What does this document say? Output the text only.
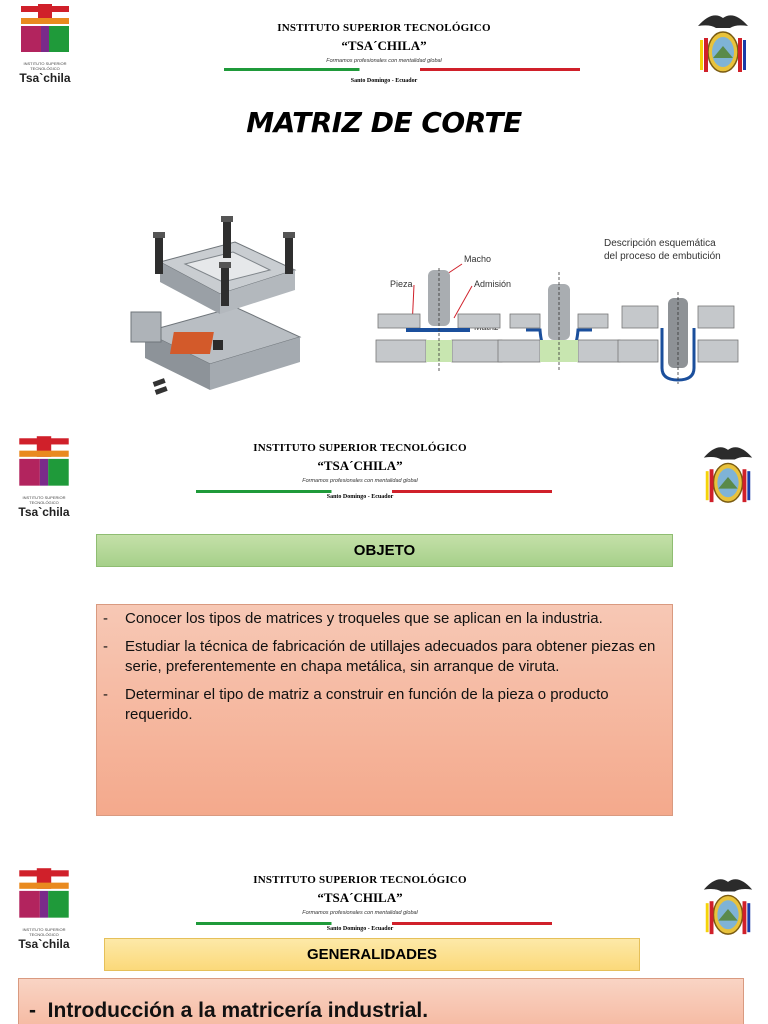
INSTITUTO SUPERIOR TECNOLÓGICO
Tsa`chila
INSTITUTO SUPERIOR TECNOLÓGICO
“TSA´CHILA”
Formamos profesionales con mentalidad global
Santo Domingo - Ecuador
MATRIZ DE CORTE
Descripción esquemática
del proceso de embutición
Macho
Pieza	Admisión
INSTITUTO SUPERIOR TECNOLÓGICO
Tsa`chila
INSTITUTO SUPERIOR TECNOLÓGICO
“TSA´CHILA”
Formamos profesionales con mentalidad global
Santo Domingo - Ecuador
OBJETO
- Conocer los tipos de matrices y troqueles que se aplican en la industria.
- Estudiar la técnica de fabricación de utillajes adecuados para obtener piezas en serie, preferentemente en chapa metálica, sin arranque de viruta.
- Determinar el tipo de matriz a construir en función de la pieza o producto requerido.
INSTITUTO SUPERIOR TECNOLÓGICO
Tsa`chila
INSTITUTO SUPERIOR TECNOLÓGICO
“TSA´CHILA”
Formamos profesionales con mentalidad global
Santo Domingo - Ecuador
GENERALIDADES
- Introducción a la matricería industrial.
